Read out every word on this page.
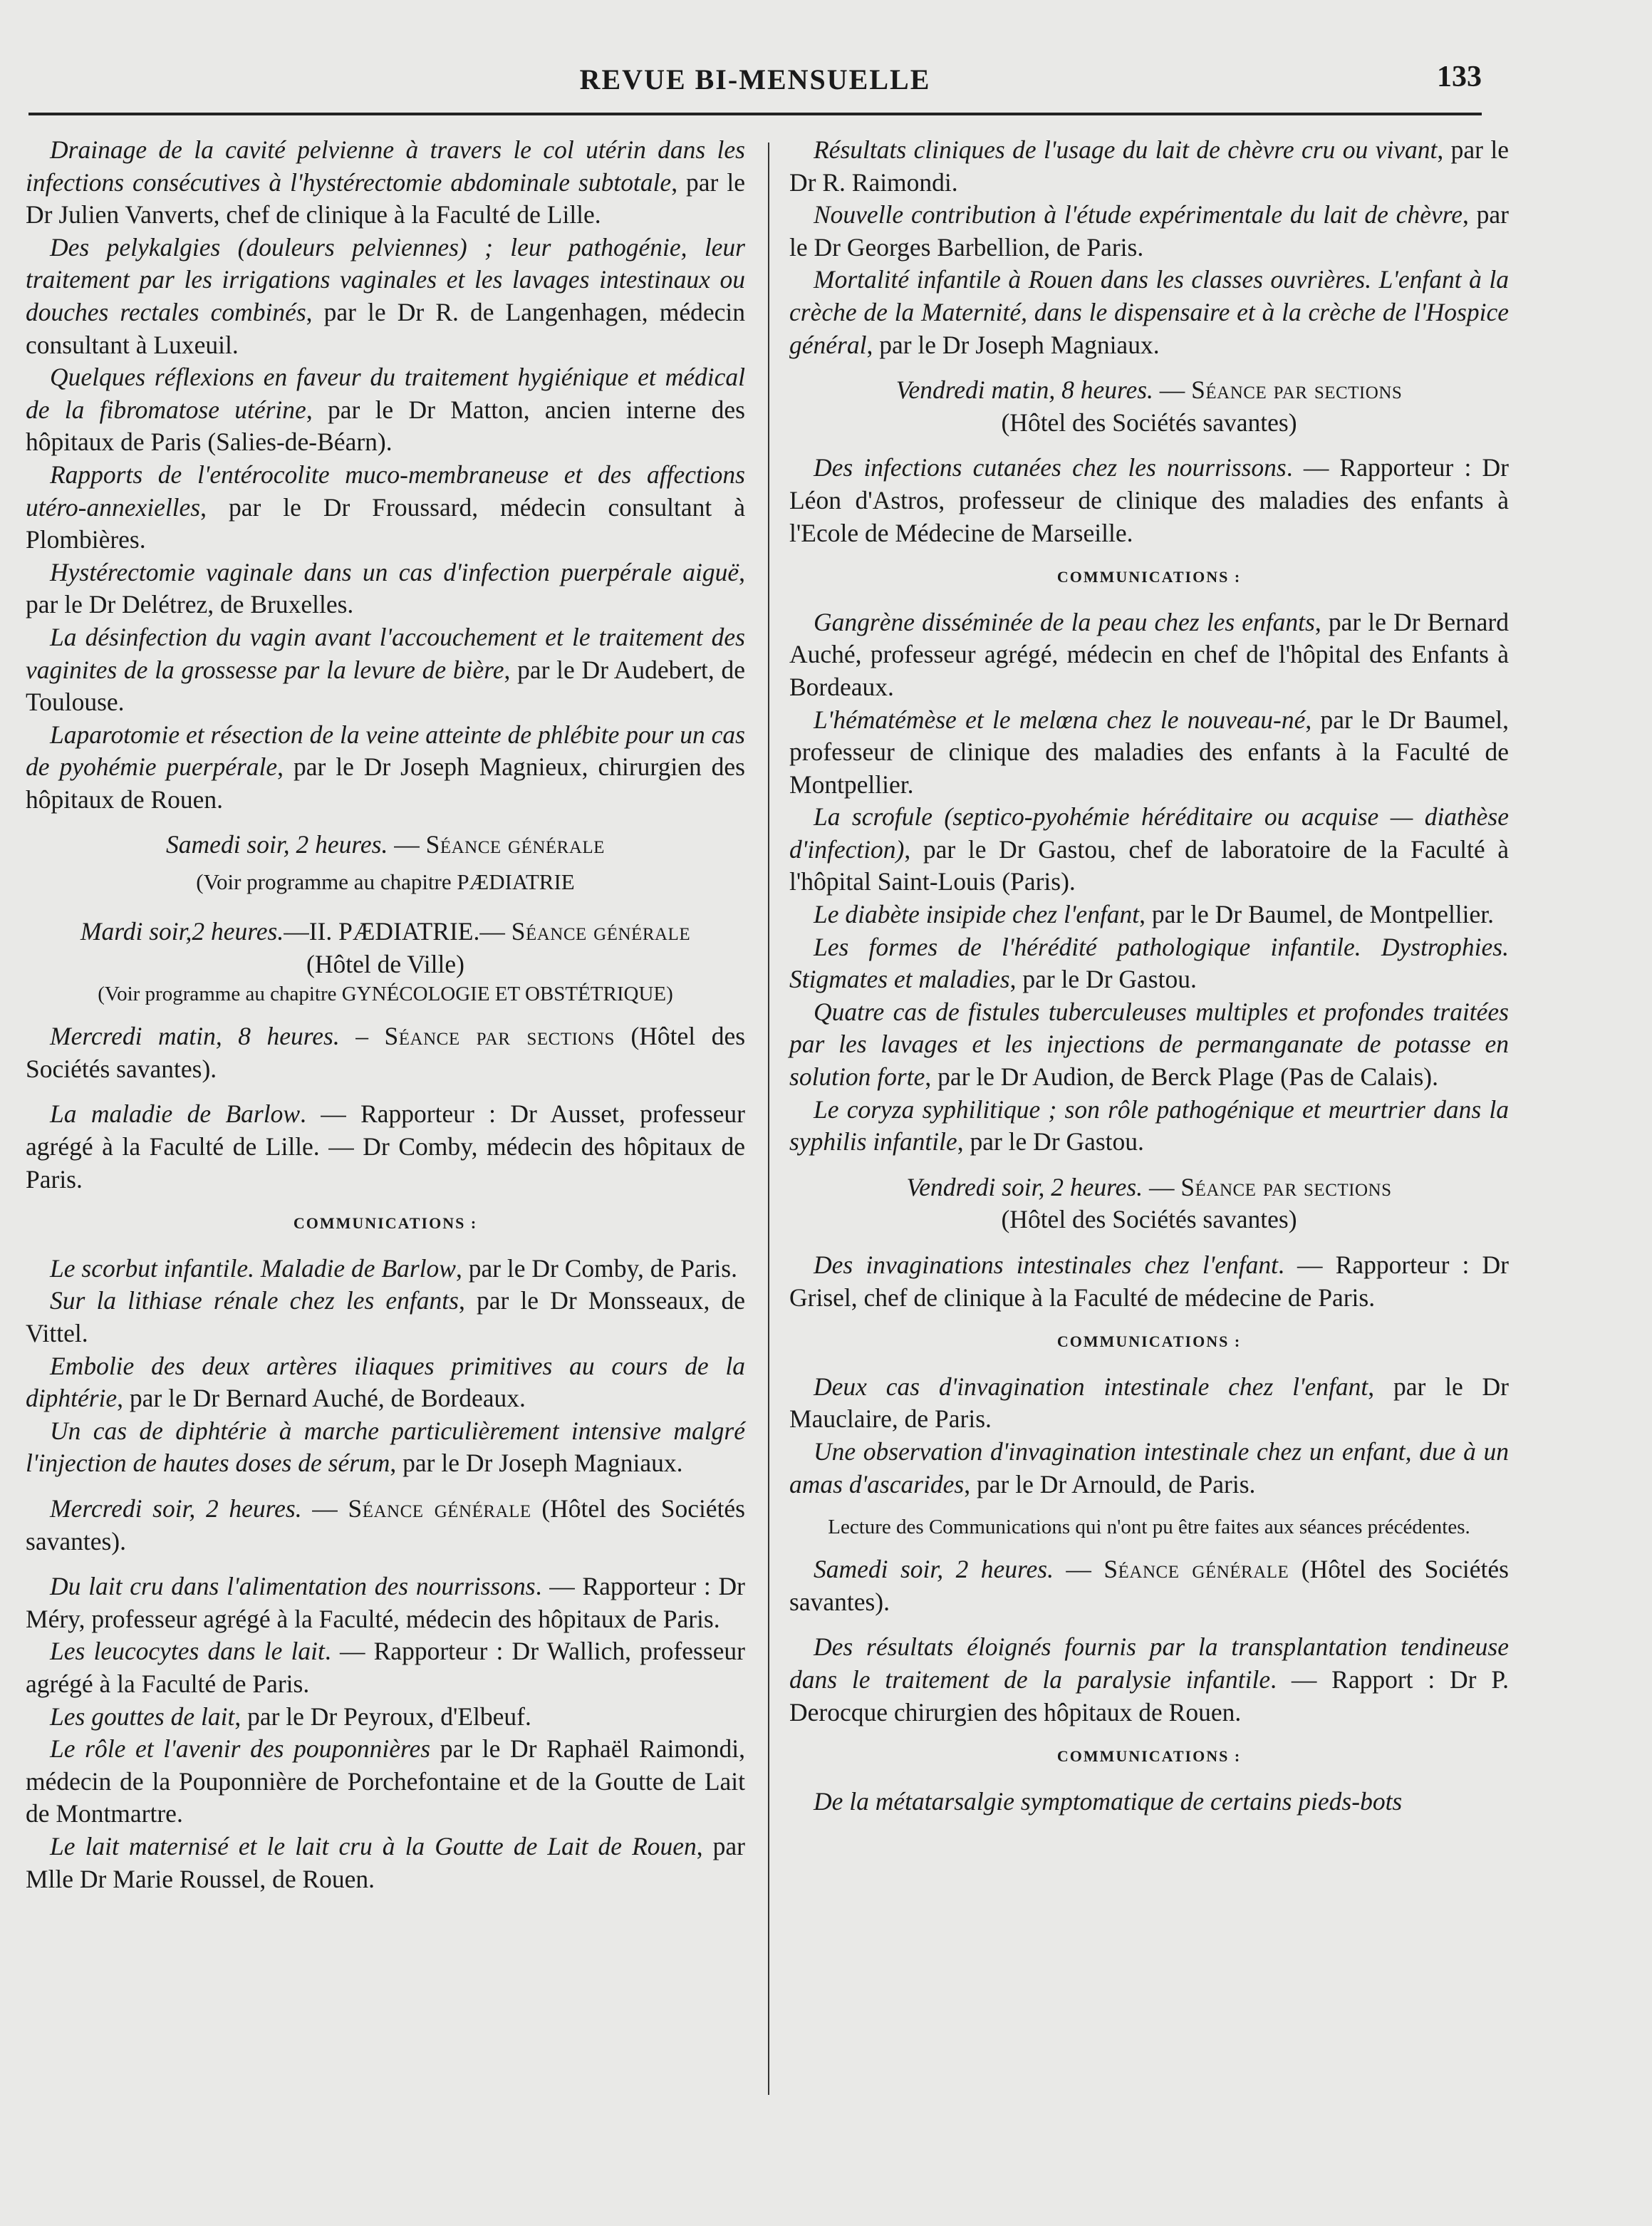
REVUE BI-MENSUELLE	133

Drainage de la cavité pelvienne à travers le col utérin dans les infections consécutives à l'hystérectomie abdominale subtotale, par le Dr Julien Vanverts, chef de clinique à la Faculté de Lille.

Des pelykalgies (douleurs pelviennes) ; leur pathogénie, leur traitement par les irrigations vaginales et les lavages intestinaux ou douches rectales combinés, par le Dr R. de Langenhagen, médecin consultant à Luxeuil.

Quelques réflexions en faveur du traitement hygiénique et médical de la fibromatose utérine, par le Dr Matton, ancien interne des hôpitaux de Paris (Salies-de-Béarn).

Rapports de l'entérocolite muco-membraneuse et des affections utéro-annexielles, par le Dr Froussard, médecin consultant à Plombières.

Hystérectomie vaginale dans un cas d'infection puerpérale aiguë, par le Dr Delétrez, de Bruxelles.

La désinfection du vagin avant l'accouchement et le traitement des vaginites de la grossesse par la levure de bière, par le Dr Audebert, de Toulouse.

Laparotomie et résection de la veine atteinte de phlébite pour un cas de pyohémie puerpérale, par le Dr Joseph Magnieux, chirurgien des hôpitaux de Rouen.

Samedi soir, 2 heures. — Séance générale

(Voir programme au chapitre PÆDIATRIE

Mardi soir,2 heures.—II. PÆDIATRIE.— Séance générale

(Hôtel de Ville)

(Voir programme au chapitre GYNÉCOLOGIE ET OBSTÉTRIQUE)

Mercredi matin, 8 heures. – Séance par sections (Hôtel des Sociétés savantes).

La maladie de Barlow. — Rapporteur : Dr Ausset, professeur agrégé à la Faculté de Lille. — Dr Comby, médecin des hôpitaux de Paris.

COMMUNICATIONS :

Le scorbut infantile. Maladie de Barlow, par le Dr Comby, de Paris.

Sur la lithiase rénale chez les enfants, par le Dr Monsseaux, de Vittel.

Embolie des deux artères iliaques primitives au cours de la diphtérie, par le Dr Bernard Auché, de Bordeaux.

Un cas de diphtérie à marche particulièrement intensive malgré l'injection de hautes doses de sérum, par le Dr Joseph Magniaux.

Mercredi soir, 2 heures. — Séance générale (Hôtel des Sociétés savantes).

Du lait cru dans l'alimentation des nourrissons. — Rapporteur : Dr Méry, professeur agrégé à la Faculté, médecin des hôpitaux de Paris.

Les leucocytes dans le lait. — Rapporteur : Dr Wallich, professeur agrégé à la Faculté de Paris.

Les gouttes de lait, par le Dr Peyroux, d'Elbeuf.

Le rôle et l'avenir des pouponnières par le Dr Raphaël Raimondi, médecin de la Pouponnière de Porchefontaine et de la Goutte de Lait de Montmartre.

Le lait maternisé et le lait cru à la Goutte de Lait de Rouen, par Mlle Dr Marie Roussel, de Rouen.

Résultats cliniques de l'usage du lait de chèvre cru ou vivant, par le Dr R. Raimondi.

Nouvelle contribution à l'étude expérimentale du lait de chèvre, par le Dr Georges Barbellion, de Paris.

Mortalité infantile à Rouen dans les classes ouvrières. L'enfant à la crèche de la Maternité, dans le dispensaire et à la crèche de l'Hospice général, par le Dr Joseph Magniaux.

Vendredi matin, 8 heures. — Séance par sections

(Hôtel des Sociétés savantes)

Des infections cutanées chez les nourrissons. — Rapporteur : Dr Léon d'Astros, professeur de clinique des maladies des enfants à l'Ecole de Médecine de Marseille.

COMMUNICATIONS :

Gangrène disséminée de la peau chez les enfants, par le Dr Bernard Auché, professeur agrégé, médecin en chef de l'hôpital des Enfants à Bordeaux.

L'hématémèse et le melœna chez le nouveau-né, par le Dr Baumel, professeur de clinique des maladies des enfants à la Faculté de Montpellier.

La scrofule (septico-pyohémie héréditaire ou acquise — diathèse d'infection), par le Dr Gastou, chef de laboratoire de la Faculté à l'hôpital Saint-Louis (Paris).

Le diabète insipide chez l'enfant, par le Dr Baumel, de Montpellier.

Les formes de l'hérédité pathologique infantile. Dystrophies. Stigmates et maladies, par le Dr Gastou.

Quatre cas de fistules tuberculeuses multiples et profondes traitées par les lavages et les injections de permanganate de potasse en solution forte, par le Dr Audion, de Berck Plage (Pas de Calais).

Le coryza syphilitique ; son rôle pathogénique et meurtrier dans la syphilis infantile, par le Dr Gastou.

Vendredi soir, 2 heures. — Séance par sections

(Hôtel des Sociétés savantes)

Des invaginations intestinales chez l'enfant. — Rapporteur : Dr Grisel, chef de clinique à la Faculté de médecine de Paris.

COMMUNICATIONS :

Deux cas d'invagination intestinale chez l'enfant, par le Dr Mauclaire, de Paris.

Une observation d'invagination intestinale chez un enfant, due à un amas d'ascarides, par le Dr Arnould, de Paris.

Lecture des Communications qui n'ont pu être faites aux séances précédentes.

Samedi soir, 2 heures. — Séance générale (Hôtel des Sociétés savantes).

Des résultats éloignés fournis par la transplantation tendineuse dans le traitement de la paralysie infantile. — Rapport : Dr P. Derocque chirurgien des hôpitaux de Rouen.

COMMUNICATIONS :

De la métatarsalgie symptomatique de certains pieds-bots
